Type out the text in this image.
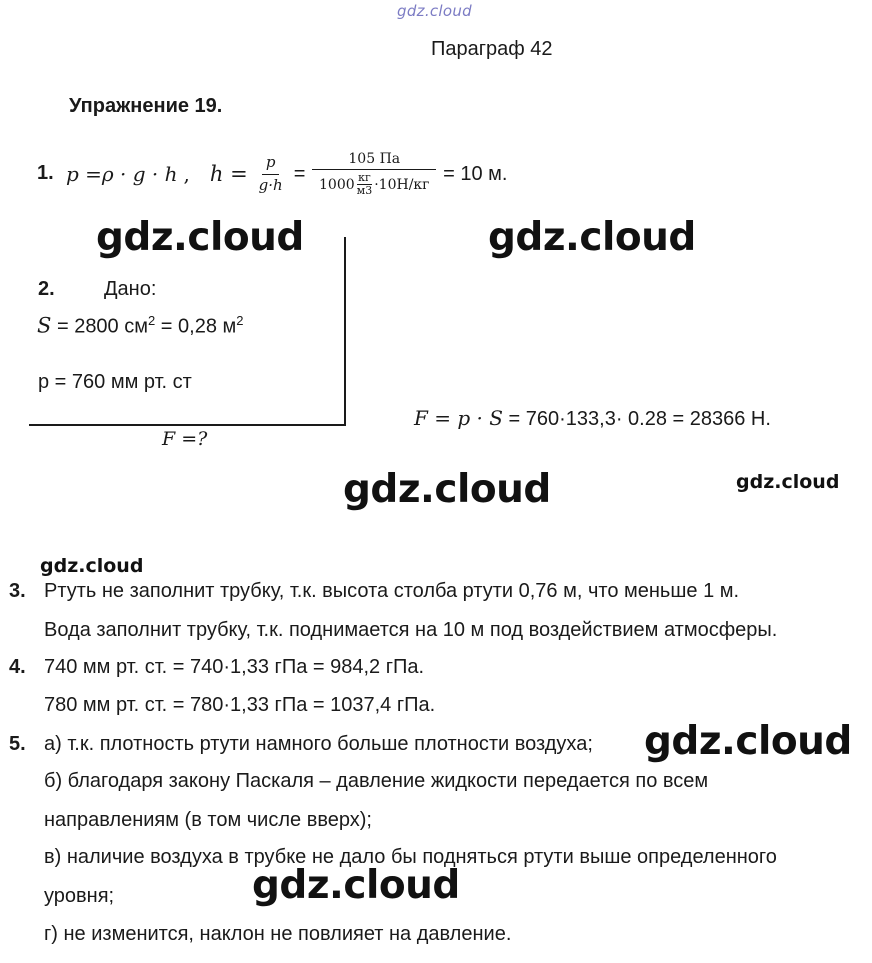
gdz.cloud
Параграф 42
Упражнение 19.
1. p =ρ · g · h , $h = \frac{p}{g\cdot h} = 105$ Па
1000 кг
м3 ·10Н/кг = 10 м.
gdz.cloud	gdz.cloud
2. Дано:
S = 2800 $см^2 = 0,28$ $м^2$
p = 760 мм рт. ст
F =?
F = p · S = 760·133,3· 0.28 = 28366 Н.
gdz.cloud	gdz.cloud
gdz.cloud
3. Ртуть не заполнит трубку, т.к. высота столба ртути 0,76 м, что меньше 1 м.
Вода заполнит трубку, т.к. поднимается на 10 м под воздействием атмосферы.
4. 740 мм рт. ст. = 740·1,33 гПа = 984,2 гПа.
780 мм рт. ст. = 780·1,33 гПа = 1037,4 гПа.
5. а) т.к. плотность ртути намного больше плотности воздуха;
б) благодаря закону Паскаля – давление жидкости передается по всем
направлениям (в том числе вверх);
в) наличие воздуха в трубке не дало бы подняться ртути выше определенного
уровня;
г) не изменится, наклон не повлияет на давление.
gdz.cloud
gdz.cloud
